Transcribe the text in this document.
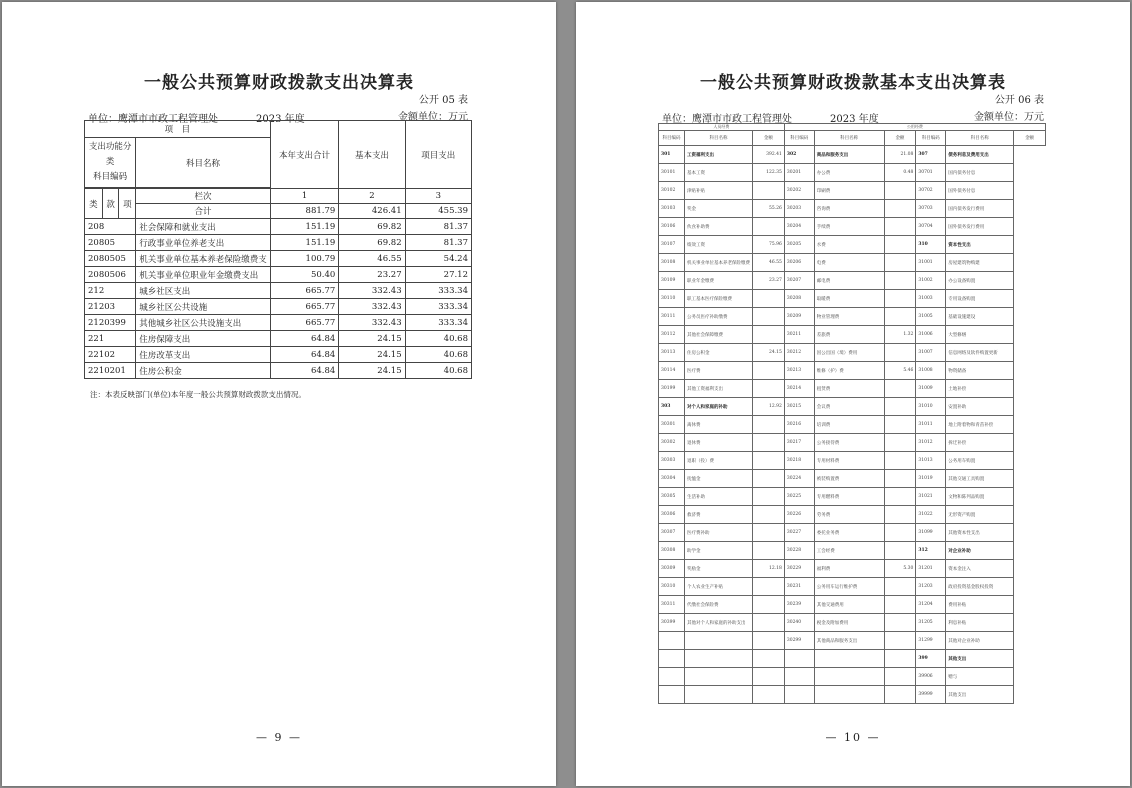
一般公共预算财政拨款支出决算表
公开 05 表
单位：鹰潭市市政工程管理处	2023 年度	金额单位：万元
项　目				本年支出合计	基本支出	项目支出
支出功能分类
科目编码			科目名称			

类	款	项	栏次	1	2	3
			合计	881.79	426.41	455.39
208			社会保障和就业支出	151.19	69.82	81.37
20805			行政事业单位养老支出	151.19	69.82	81.37
2080505			机关事业单位基本养老保险缴费支	100.79	46.55	54.24
2080506			机关事业单位职业年金缴费支出	50.40	23.27	27.12
212			城乡社区支出	665.77	332.43	333.34
21203			城乡社区公共设施	665.77	332.43	333.34
2120399			其他城乡社区公共设施支出	665.77	332.43	333.34
221			住房保障支出	64.84	24.15	40.68
22102			住房改革支出	64.84	24.15	40.68
2210201			住房公积金	64.84	24.15	40.68
注：本表反映部门(单位)本年度一般公共预算财政拨款支出情况。
— 9 —
一般公共预算财政拨款基本支出决算表
公开 06 表
单位：鹰潭市市政工程管理处	2023 年度	金额单位：万元
人员经费			公用经费					
科目编码	科目名称	金额	科目编码	科目名称	金额	科目编码	科目名称	金额
301	工资福利支出	392.41	302	商品和服务支出	21.08	307	债务利息及费用支出	
30101	基本工资	122.35	30201	办公费	0.48	30701	国内债务付息	
30102	津贴补贴		30202	印刷费		30702	国外债务付息	
30103	奖金	55.26	30203	咨询费		30703	国内债务发行费用	
30106	伙食补助费		30204	手续费		30704	国外债务发行费用	
30107	绩效工资	75.96	30205	水费		310	资本性支出	
30108	机关事业单位基本养老保险缴费	46.55	30206	电费		31001	房屋建筑物购建	
30109	职业年金缴费	23.27	30207	邮电费		31002	办公设备购置	
30110	职工基本医疗保险缴费		30208	取暖费		31003	专用设备购置	
30111	公务员医疗补助缴费		30209	物业管理费		31005	基础设施建设	
30112	其他社会保障缴费		30211	差旅费	1.32	31006	大型修缮	
30113	住房公积金	24.15	30212	因公出国（境）费用		31007	信息网络及软件购置更新	
30114	医疗费		30213	维修（护）费	5.46	31008	物资储备	
30199	其他工资福利支出		30214	租赁费		31009	土地补偿	
303	对个人和家庭的补助	12.92	30215	会议费		31010	安置补助	
30301	离休费		30216	培训费		31011	地上附着物和青苗补偿	
30302	退休费		30217	公务接待费		31012	拆迁补偿	
30303	退职（役）费		30218	专用材料费		31013	公务用车购置	
30304	抚恤金		30224	被装购置费		31019	其他交通工具购置	
30305	生活补助		30225	专用燃料费		31021	文物和陈列品购置	
30306	救济费		30226	劳务费		31022	无形资产购置	
30307	医疗费补助		30227	委托业务费		31099	其他资本性支出	
30308	助学金		30228	工会经费		312	对企业补助	
30309	奖励金	12.18	30229	福利费	5.30	31201	资本金注入	
30310	个人农业生产补贴		30231	公务用车运行维护费		31203	政府投资基金股权投资	
30311	代缴社会保险费		30239	其他交通费用		31204	费用补贴	
30399	其他对个人和家庭的补助支出		30240	税金及附加费用		31205	利息补贴	
			30299	其他商品和服务支出		31299	其他对企业补助	
						399	其他支出	
						39906	赠与	
						39999	其他支出	
— 10 —
